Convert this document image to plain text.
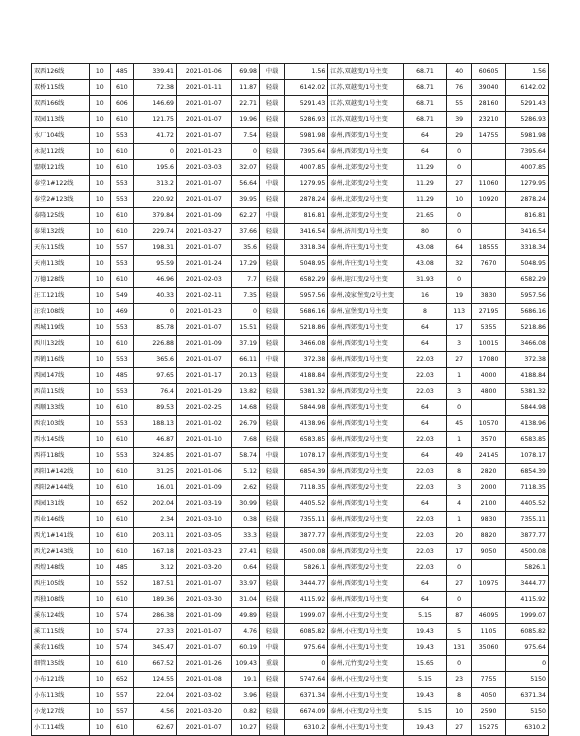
双西126线	10	485	339.41	2021-01-06	69.98	中载	1.56	江苏,双越变/1号主变	68.71	40	60605	1.56
双桥115线	10	610	72.38	2021-01-11	11.87	轻载	6142.02	江苏,双越变/1号主变	68.71	76	39040	6142.02
双西166线	10	606	146.69	2021-01-07	22.71	轻载	5291.43	江苏,双越变/1号主变	68.71	55	28160	5291.43
双园113线	10	610	121.75	2021-01-07	19.96	轻载	5286.93	江苏,双越变/1号主变	68.71	39	23210	5286.93
水厂104线	10	553	41.72	2021-01-07	7.54	轻载	5981.98	泰州,西郊变/1号主变	64	29	14755	5981.98
永泥112线	10	610	0	2021-01-23	0	轻载	7395.64	泰州,西郊变/1号主变	64	0		7395.64
盟联121线	10	610	195.6	2021-03-03	32.07	轻载	4007.85	泰州,北郊变/2号主变	11.29	0		4007.85
泰堂1#122线	10	553	313.2	2021-01-07	56.64	中载	1279.95	泰州,北郊变/2号主变	11.29	27	11060	1279.95
泰堂2#123线	10	553	220.92	2021-01-07	39.95	轻载	2878.24	泰州,北郊变/2号主变	11.29	10	10920	2878.24
泰隆125线	10	610	379.84	2021-01-09	62.27	中载	816.81	泰州,北郊变/2号主变	21.65	0		816.81
泰果132线	10	610	229.74	2021-03-27	37.66	轻载	3416.54	泰州,济川变/1号主变	80	0		3416.54
天东115线	10	557	198.31	2021-01-07	35.6	轻载	3318.34	泰州,许庄变/1号主变	43.08	64	18555	3318.34
天南113线	10	553	95.59	2021-01-24	17.29	轻载	5048.95	泰州,许庄变/1号主变	43.08	32	7670	5048.95
万德128线	10	610	46.96	2021-02-03	7.7	轻载	6582.29	泰州,迎江变/2号主变	31.93	0		6582.29
汪工121线	10	549	40.33	2021-02-11	7.35	轻载	5957.56	泰州,凌家堡变/2号主变	16	19	3830	5957.56
汪农108线	10	469	0	2021-01-23	0	轻载	5686.16	泰州,宣堡变/1号主变	8	113	27195	5686.16
西城119线	10	553	85.78	2021-01-07	15.51	轻载	5218.86	泰州,西郊变/1号主变	64	17	5355	5218.86
西川132线	10	610	226.88	2021-01-09	37.19	轻载	3466.08	泰州,西郊变/1号主变	64	3	10015	3466.08
西鹤116线	10	553	365.6	2021-01-07	66.11	中载	372.38	泰州,西郊变/1号主变	22.03	27	17080	372.38
西园147线	10	485	97.65	2021-01-17	20.13	轻载	4188.84	泰州,西郊变/2号主变	22.03	1	4000	4188.84
西苗115线	10	553	76.4	2021-01-29	13.82	轻载	5381.32	泰州,西郊变/2号主变	22.03	3	4800	5381.32
西顺133线	10	610	89.53	2021-02-25	14.68	轻载	5844.98	泰州,西郊变/1号主变	64	0		5844.98
西农103线	10	553	188.13	2021-01-02	26.79	轻载	4138.96	泰州,西郊变/1号主变	64	45	10570	4138.96
西水145线	10	610	46.87	2021-01-10	7.68	轻载	6583.85	泰州,西郊变/2号主变	22.03	1	3570	6583.85
西祥118线	10	553	324.85	2021-01-07	58.74	中载	1078.17	泰州,西郊变/1号主变	64	49	24145	1078.17
西阳1#142线	10	610	31.25	2021-01-06	5.12	轻载	6854.39	泰州,西郊变/2号主变	22.03	8	2820	6854.39
西阳2#144线	10	610	16.01	2021-01-09	2.62	轻载	7118.35	泰州,西郊变/2号主变	22.03	3	2000	7118.35
西园131线	10	652	202.04	2021-03-19	30.99	轻载	4405.52	泰州,西郊变/1号主变	64	4	2100	4405.52
西业146线	10	610	2.34	2021-03-10	0.38	轻载	7355.11	泰州,西郊变/2号主变	22.03	1	9830	7355.11
西尤1#141线	10	610	203.11	2021-03-05	33.3	轻载	3877.77	泰州,西郊变/2号主变	22.03	20	8820	3877.77
西尤2#143线	10	610	167.18	2021-03-23	27.41	轻载	4500.08	泰州,西郊变/2号主变	22.03	17	9050	4500.08
西煌148线	10	485	3.12	2021-03-20	0.64	轻载	5826.1	泰州,西郊变/2号主变	22.03	0		5826.1
西庄105线	10	552	187.51	2021-01-07	33.97	轻载	3444.77	泰州,西郊变/1号主变	64	27	10975	3444.77
西独108线	10	610	189.36	2021-03-30	31.04	轻载	4115.92	泰州,西郊变/1号主变	64	0		4115.92
溪东124线	10	574	286.38	2021-01-09	49.89	轻载	1999.07	泰州,小庄变/2号主变	5.15	87	46095	1999.07
溪工115线	10	574	27.33	2021-01-07	4.76	轻载	6085.82	泰州,小庄变/1号主变	19.43	5	1105	6085.82
溪农116线	10	574	345.47	2021-01-07	60.19	中载	975.64	泰州,小庄变/1号主变	19.43	131	35060	975.64
细管135线	10	610	667.52	2021-01-26	109.43	重载	0	泰州,元竹变/2号主变	15.65	0		0
小布121线	10	652	124.55	2021-01-08	19.1	轻载	5747.64	泰州,小庄变/2号主变	5.15	23	7755	5150
小东113线	10	557	22.04	2021-03-02	3.96	轻载	6371.34	泰州,小庄变/1号主变	19.43	8	4050	6371.34
小龙127线	10	557	4.56	2021-03-20	0.82	轻载	6674.09	泰州,小庄变/2号主变	5.15	10	2590	5150
小工114线	10	610	62.67	2021-01-07	10.27	轻载	6310.2	泰州,小庄变/1号主变	19.43	27	15275	6310.2
